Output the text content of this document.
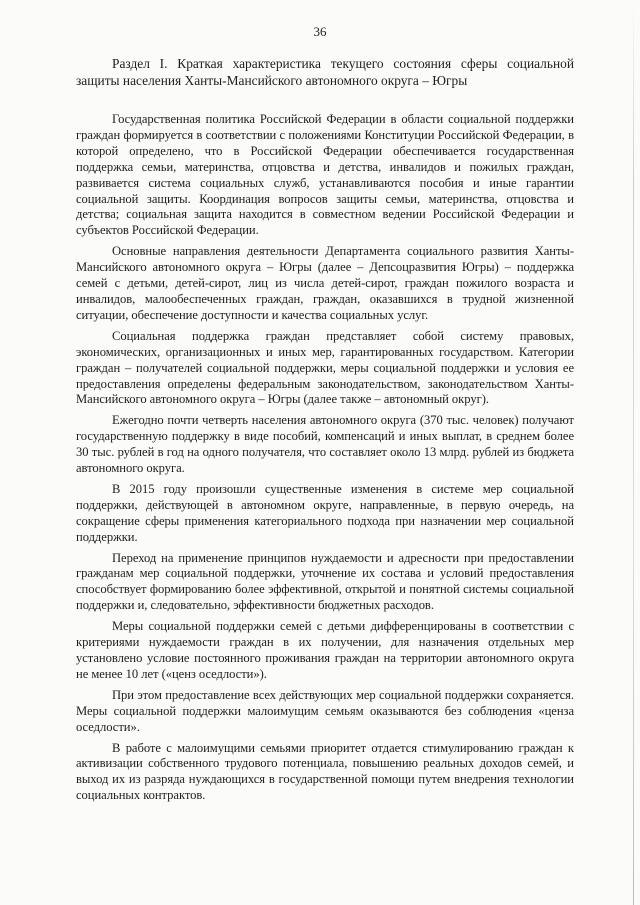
36

Раздел I. Краткая характеристика текущего состояния сферы социальной защиты населения Ханты-Мансийского автономного округа – Югры

Государственная политика Российской Федерации в области социальной поддержки граждан формируется в соответствии с положениями Конституции Российской Федерации, в которой определено, что в Российской Федерации обеспечивается государственная поддержка семьи, материнства, отцовства и детства, инвалидов и пожилых граждан, развивается система социальных служб, устанавливаются пособия и иные гарантии социальной защиты. Координация вопросов защиты семьи, материнства, отцовства и детства; социальная защита находится в совместном ведении Российской Федерации и субъектов Российской Федерации.

Основные направления деятельности Департамента социального развития Ханты-Мансийского автономного округа – Югры (далее – Депсоцразвития Югры) – поддержка семей с детьми, детей-сирот, лиц из числа детей-сирот, граждан пожилого возраста и инвалидов, малообеспеченных граждан, граждан, оказавшихся в трудной жизненной ситуации, обеспечение доступности и качества социальных услуг.

Социальная поддержка граждан представляет собой систему правовых, экономических, организационных и иных мер, гарантированных государством. Категории граждан – получателей социальной поддержки, меры социальной поддержки и условия ее предоставления определены федеральным законодательством, законодательством Ханты-Мансийского автономного округа – Югры (далее также – автономный округ).

Ежегодно почти четверть населения автономного округа (370 тыс. человек) получают государственную поддержку в виде пособий, компенсаций и иных выплат, в среднем более 30 тыс. рублей в год на одного получателя, что составляет около 13 млрд. рублей из бюджета автономного округа.

В 2015 году произошли существенные изменения в системе мер социальной поддержки, действующей в автономном округе, направленные, в первую очередь, на сокращение сферы применения категориального подхода при назначении мер социальной поддержки.

Переход на применение принципов нуждаемости и адресности при предоставлении гражданам мер социальной поддержки, уточнение их состава и условий предоставления способствует формированию более эффективной, открытой и понятной системы социальной поддержки и, следовательно, эффективности бюджетных расходов.

Меры социальной поддержки семей с детьми дифференцированы в соответствии с критериями нуждаемости граждан в их получении, для назначения отдельных мер установлено условие постоянного проживания граждан на территории автономного округа не менее 10 лет («ценз оседлости»).

При этом предоставление всех действующих мер социальной поддержки сохраняется. Меры социальной поддержки малоимущим семьям оказываются без соблюдения «ценза оседлости».

В работе с малоимущими семьями приоритет отдается стимулированию граждан к активизации собственного трудового потенциала, повышению реальных доходов семей, и выход их из разряда нуждающихся в государственной помощи путем внедрения технологии социальных контрактов.
